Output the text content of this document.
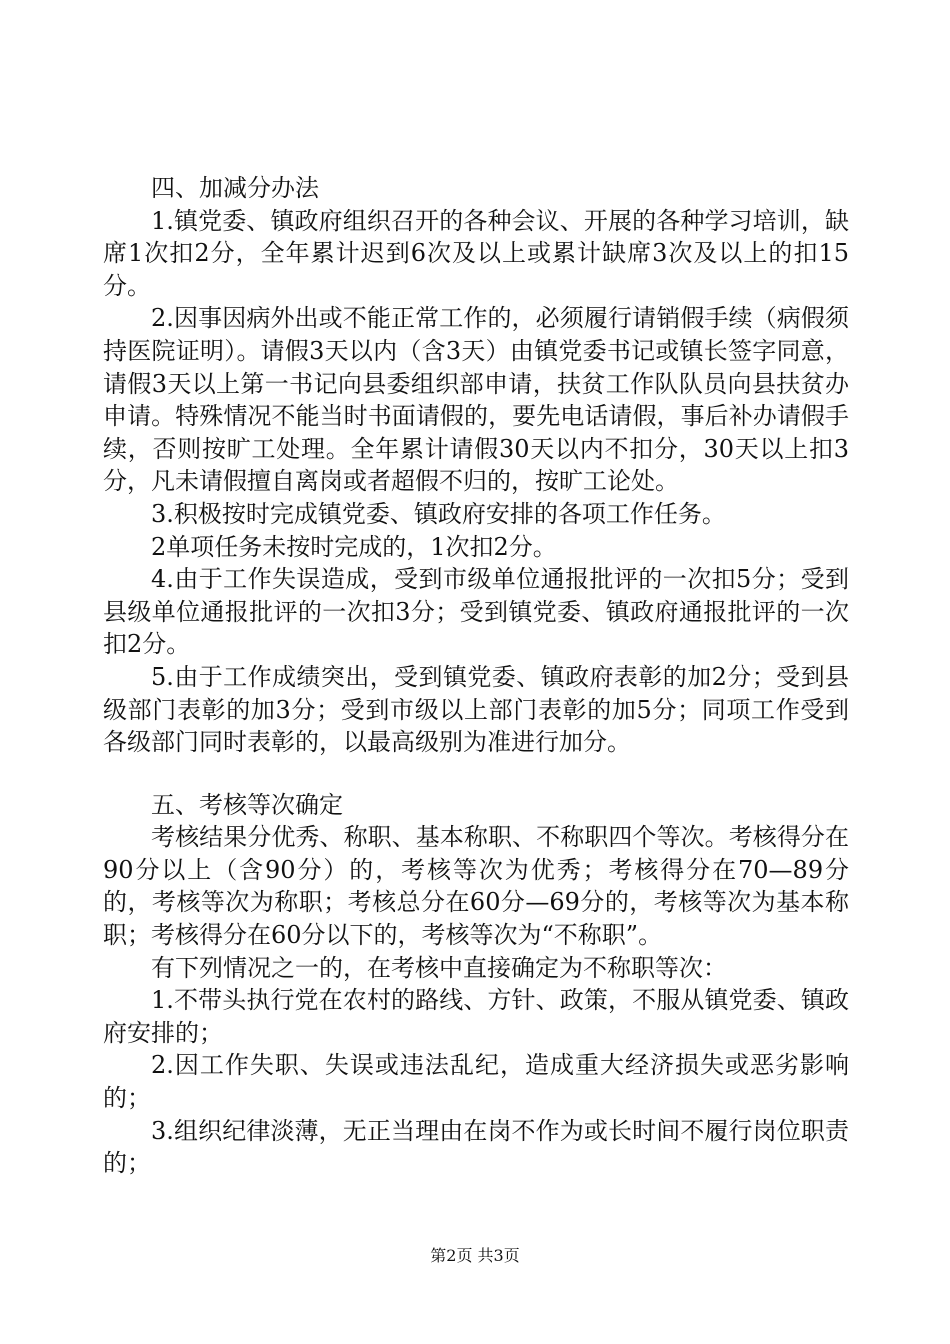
四、加减分办法

1.镇党委、镇政府组织召开的各种会议、开展的各种学习培训，缺席1次扣2分，全年累计迟到6次及以上或累计缺席3次及以上的扣15分。

2.因事因病外出或不能正常工作的，必须履行请销假手续（病假须持医院证明）。请假3天以内（含3天）由镇党委书记或镇长签字同意，请假3天以上第一书记向县委组织部申请，扶贫工作队队员向县扶贫办申请。特殊情况不能当时书面请假的，要先电话请假，事后补办请假手续，否则按旷工处理。全年累计请假30天以内不扣分，30天以上扣3分，凡未请假擅自离岗或者超假不归的，按旷工论处。

3.积极按时完成镇党委、镇政府安排的各项工作任务。

2单项任务未按时完成的，1次扣2分。

4.由于工作失误造成，受到市级单位通报批评的一次扣5分；受到县级单位通报批评的一次扣3分；受到镇党委、镇政府通报批评的一次扣2分。

5.由于工作成绩突出，受到镇党委、镇政府表彰的加2分；受到县级部门表彰的加3分；受到市级以上部门表彰的加5分；同项工作受到各级部门同时表彰的，以最高级别为准进行加分。

五、考核等次确定

考核结果分优秀、称职、基本称职、不称职四个等次。考核得分在90分以上（含90分）的，考核等次为优秀；考核得分在70—89分的，考核等次为称职；考核总分在60分—69分的，考核等次为基本称职；考核得分在60分以下的，考核等次为“不称职”。

有下列情况之一的，在考核中直接确定为不称职等次：

1.不带头执行党在农村的路线、方针、政策，不服从镇党委、镇政府安排的；

2.因工作失职、失误或违法乱纪，造成重大经济损失或恶劣影响的；

3.组织纪律淡薄，无正当理由在岗不作为或长时间不履行岗位职责的；

第2页 共3页
